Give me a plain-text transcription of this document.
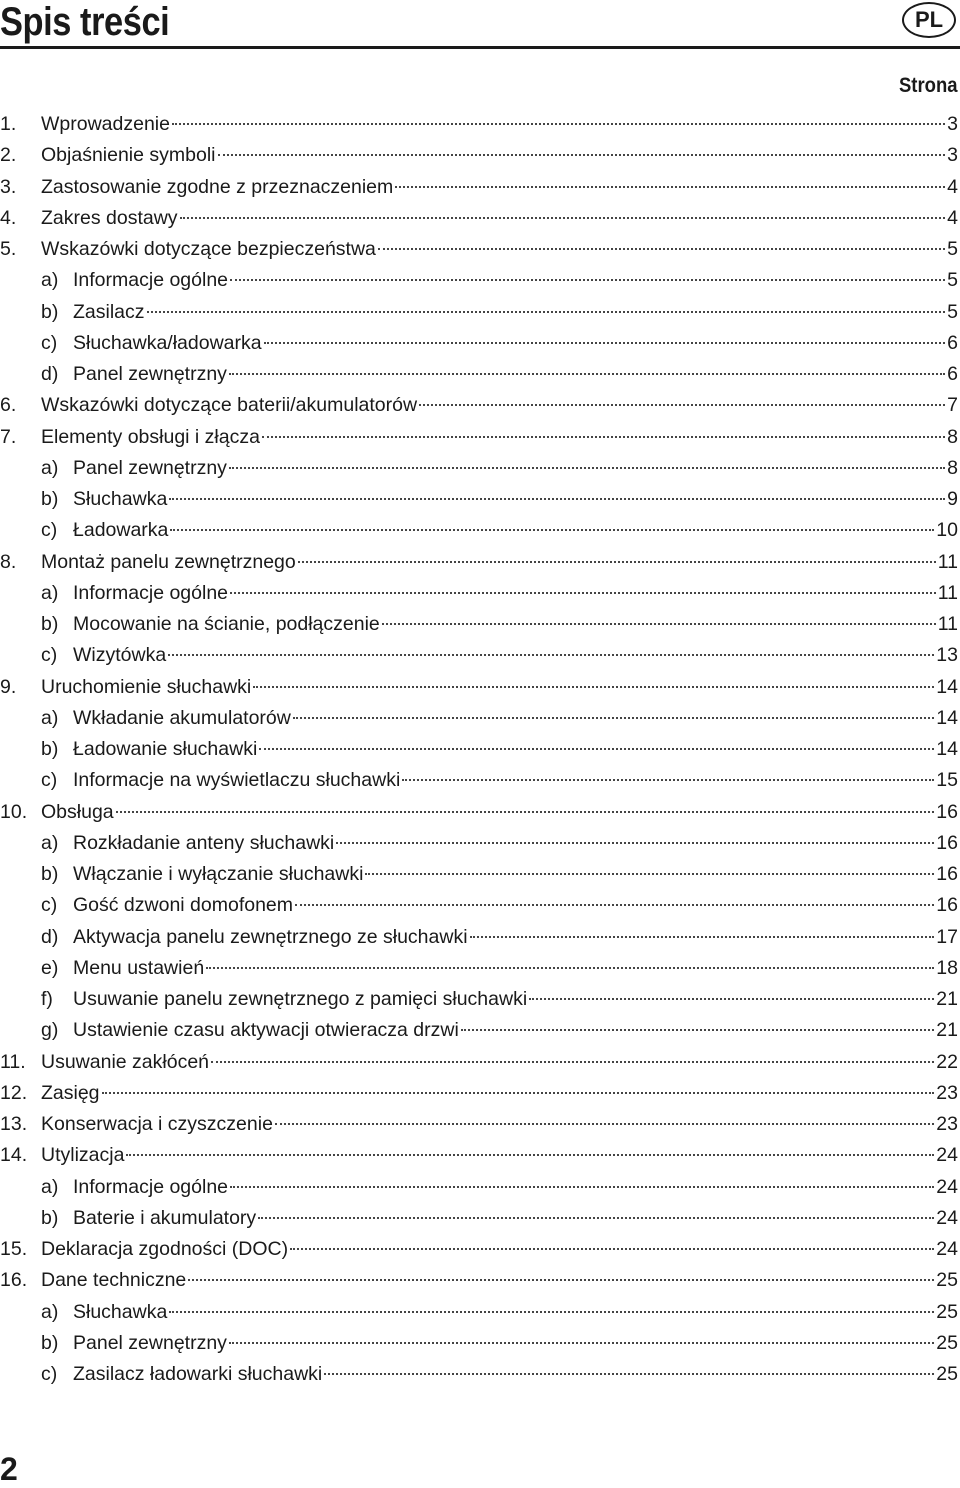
Spis treści	PL
Strona
1. Wprowadzenie	3
2. Objaśnienie symboli	3
3. Zastosowanie zgodne z przeznaczeniem	4
4. Zakres dostawy	4
5. Wskazówki dotyczące bezpieczeństwa	5
a) Informacje ogólne	5
b) Zasilacz	5
c) Słuchawka/ładowarka	6
d) Panel zewnętrzny	6
6. Wskazówki dotyczące baterii/akumulatorów	7
7. Elementy obsługi i złącza	8
a) Panel zewnętrzny	8
b) Słuchawka	9
c) Ładowarka	10
8. Montaż panelu zewnętrznego	11
a) Informacje ogólne	11
b) Mocowanie na ścianie, podłączenie	11
c) Wizytówka	13
9. Uruchomienie słuchawki	14
a) Wkładanie akumulatorów	14
b) Ładowanie słuchawki	14
c) Informacje na wyświetlaczu słuchawki	15
10. Obsługa	16
a) Rozkładanie anteny słuchawki	16
b) Włączanie i wyłączanie słuchawki	16
c) Gość dzwoni domofonem	16
d) Aktywacja panelu zewnętrznego ze słuchawki	17
e) Menu ustawień	18
f)	Usuwanie panelu zewnętrznego z pamięci słuchawki	21
g) Ustawienie czasu aktywacji otwieracza drzwi	21
11. Usuwanie zakłóceń	22
12. Zasięg	23
13. Konserwacja i czyszczenie	23
14. Utylizacja	24
a) Informacje ogólne	24
b) Baterie i akumulatory	24
15. Deklaracja zgodności (DOC)	24
16. Dane techniczne	25
a) Słuchawka	25
b) Panel zewnętrzny	25
c) Zasilacz ładowarki słuchawki	25
2
